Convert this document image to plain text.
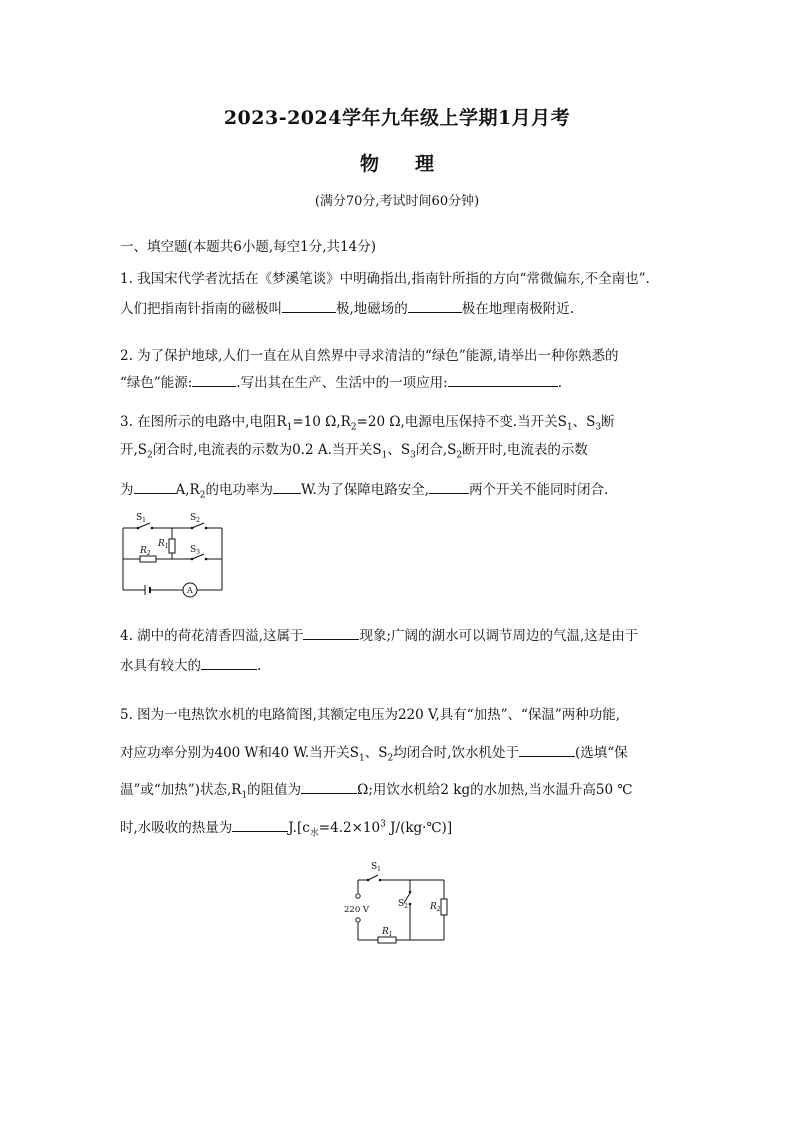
2023-2024学年九年级上学期1月月考
物 理
(满分70分,考试时间60分钟)
一、填空题(本题共6小题,每空1分,共14分)
1. 我国宋代学者沈括在《梦溪笔谈》中明确指出,指南针所指的方向“常微偏东,不全南也”.
人们把指南针指南的磁极叫	极,地磁场的	极在地理南极附近.
2. 为了保护地球,人们一直在从自然界中寻求清洁的“绿色”能源,请举出一种你熟悉的
“绿色”能源:	.写出其在生产、生活中的一项应用:	.
3. 在图所示的电路中,电阻$R_1=10$ $\Omega,R_2=20$ Ω,电源电压保持不变.当开关$S_1$、$S_3$断
开$,S_2$闭合时,电流表的示数为0.2 A.当开关$S_1$、$S_3$闭合$,S_2$断开时,电流表的示数
为	$A,R_2$的电功率为 W.为了保障电路安全,	两个开关不能同时闭合.
$S_1$	$S_2$
$S_3$
$R_1$
$R_2$
A
4. 湖中的荷花清香四溢,这属于	现象;广阔的湖水可以调节周边的气温,这是由于
水具有较大的	.
5. 图为一电热饮水机的电路简图,其额定电压为220 V,具有“加热”、“保温”两种功能,
对应功率分别为400 W和40 W.当开关$S_1$、$S_2$均闭合时,饮水机处于	(选填“保
温”或“加热”)状态$,R_1$的阻值为	Ω;用饮水机给2 kg的水加热,当水温升高50 ℃
时,水吸收的热量为	$J.[c_水=4.2\times 10^3$ J/(kg·℃)]
$S_1$
$S_2$ $R_2$
$R_1$
220 V
